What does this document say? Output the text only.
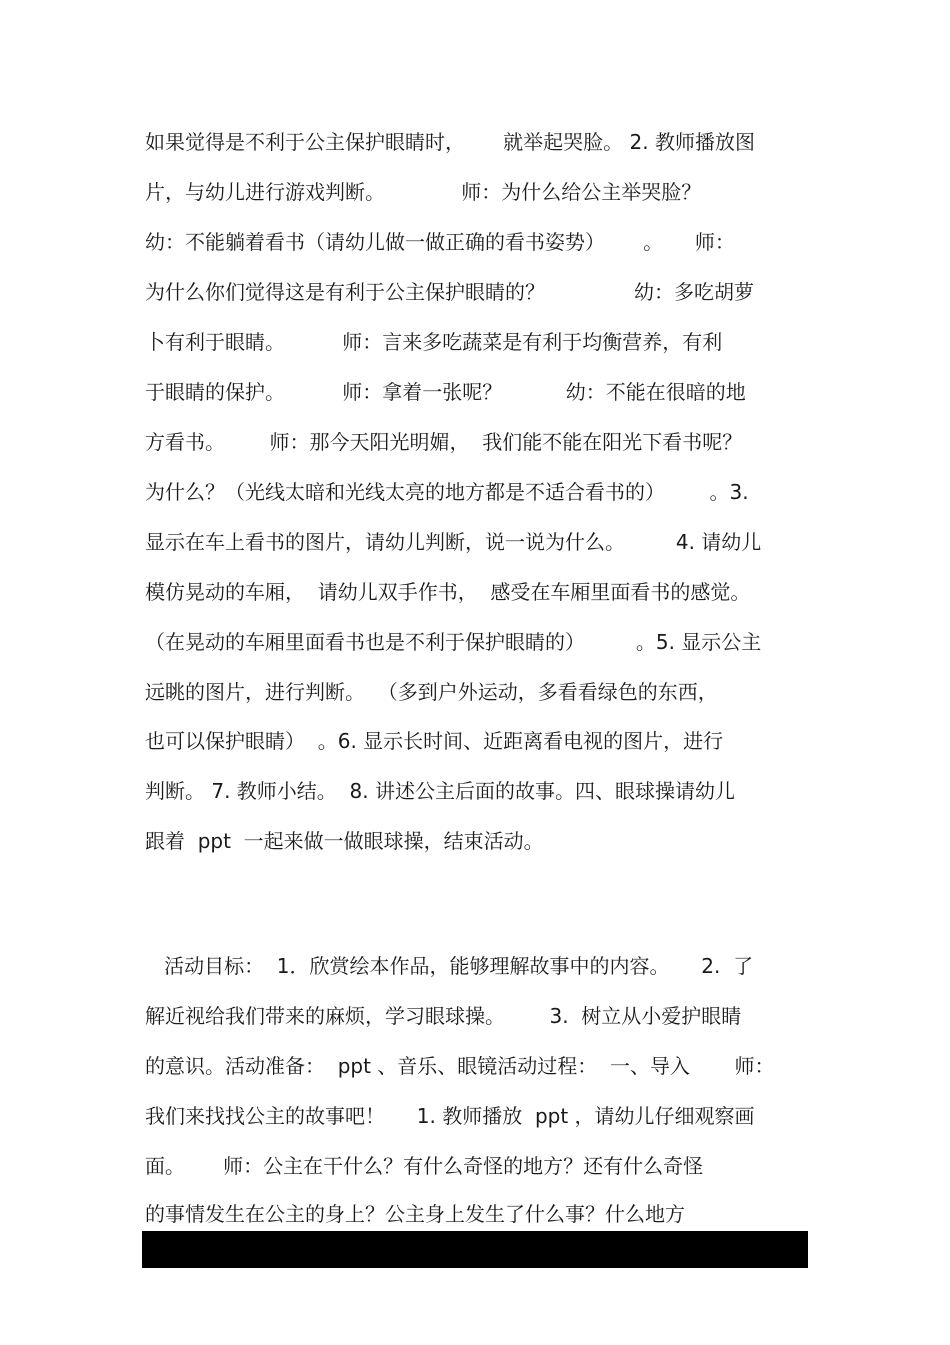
如果觉得是不利于公主保护眼睛时，      就举起哭脸。 2. 教师播放图
片，与幼儿进行游戏判断。            师：为什么给公主举哭脸？
幼：不能躺着看书（请幼儿做一做正确的看书姿势）      。     师：
为什么你们觉得这是有利于公主保护眼睛的？              幼：多吃胡萝
卜有利于眼睛。         师：言来多吃蔬菜是有利于均衡营养，有利
于眼睛的保护。         师：拿着一张呢？          幼：不能在很暗的地
方看书。       师：那今天阳光明媚，  我们能不能在阳光下看书呢？
为什么？（光线太暗和光线太亮的地方都是不适合看书的）       。3.
显示在车上看书的图片，请幼儿判断，说一说为什么。        4. 请幼儿
模仿晃动的车厢，  请幼儿双手作书，  感受在车厢里面看书的感觉。
（在晃动的车厢里面看书也是不利于保护眼睛的）        。5. 显示公主
远眺的图片，进行判断。  （多到户外运动，多看看绿色的东西，
也可以保护眼睛）  。6. 显示长时间、近距离看电视的图片，进行
判断。 7. 教师小结。  8. 讲述公主后面的故事。四、眼球操请幼儿
跟着  ppt  一起来做一做眼球操，结束活动。
活动目标：  1．欣赏绘本作品，能够理解故事中的内容。     2.  了
解近视给我们带来的麻烦，学习眼球操。       3.  树立从小爱护眼睛
的意识。活动准备：  ppt 、音乐、眼镜活动过程：  一、导入       师：
我们来找找公主的故事吧！     1. 教师播放  ppt ，请幼儿仔细观察画
面。      师：公主在干什么？有什么奇怪的地方？还有什么奇怪
的事情发生在公主的身上？公主身上发生了什么事？什么地方
